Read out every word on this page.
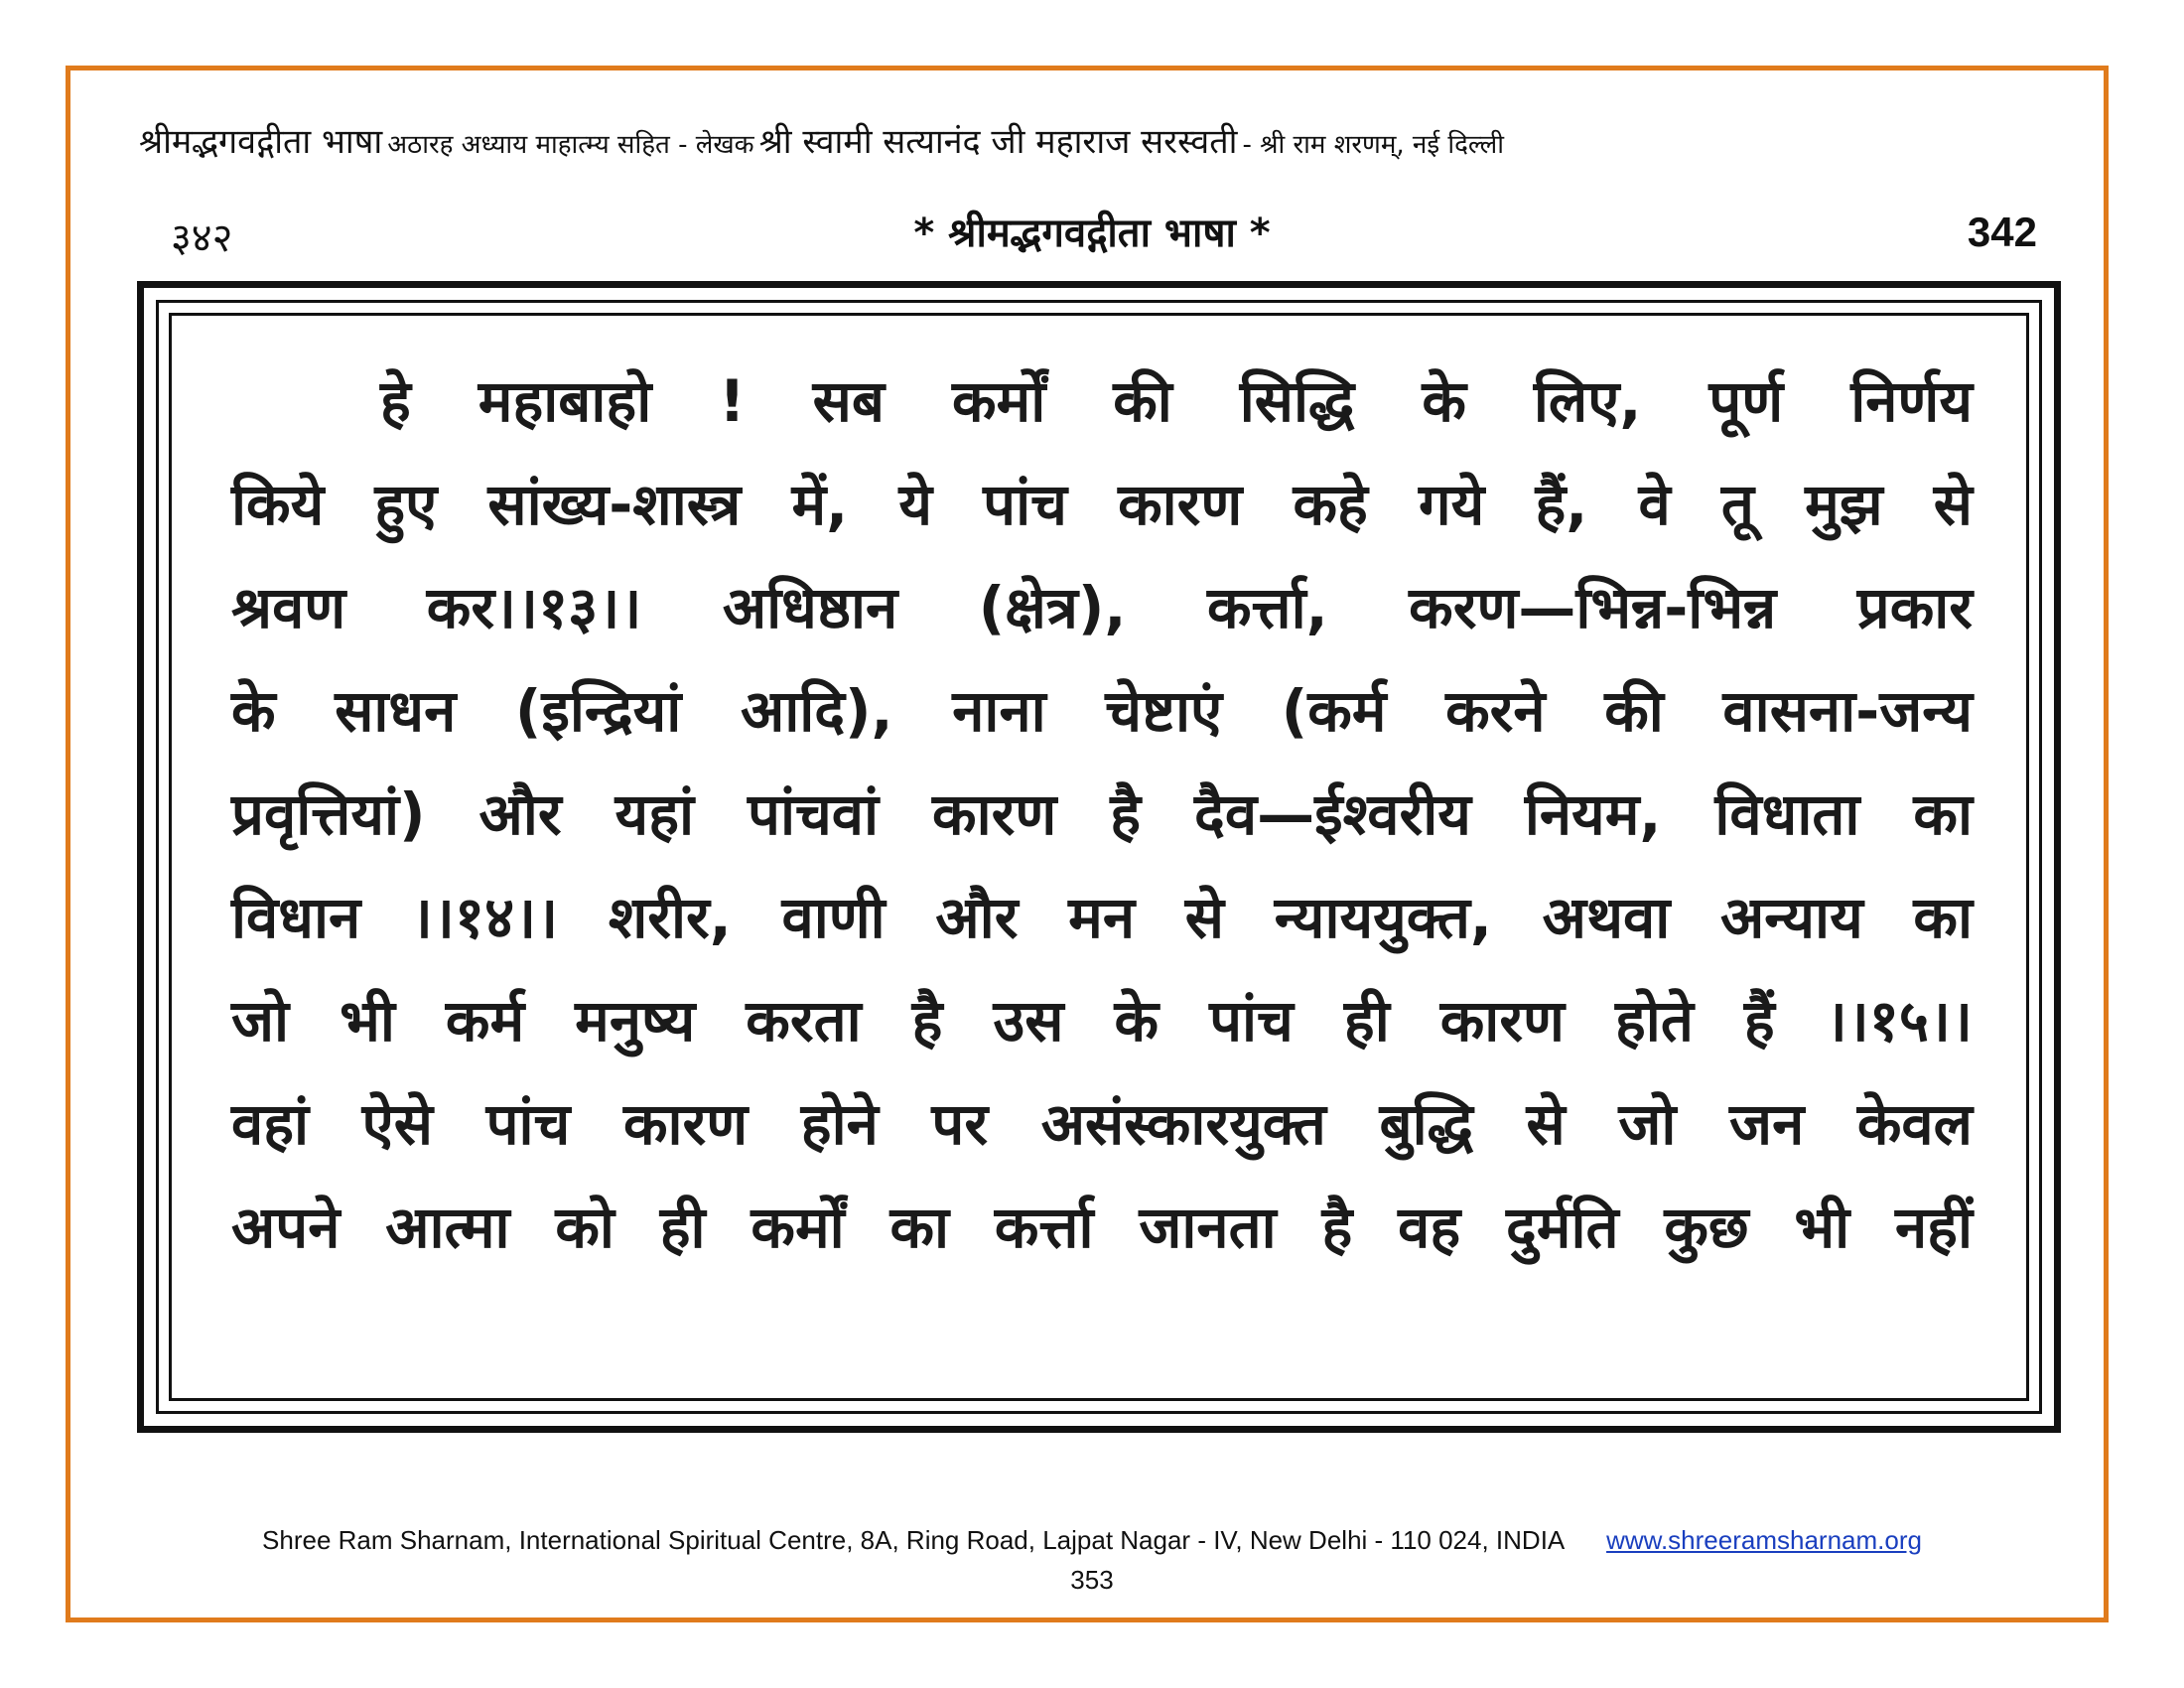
श्रीमद्भगवद्गीता भाषा अठारह अध्याय माहात्म्य सहित - लेखक श्री स्वामी सत्यानंद जी महाराज सरस्वती - श्री राम शरणम्, नई दिल्ली
३४२	* श्रीमद्भगवद्गीता भाषा *	342
हे महाबाहो ! सब कर्मों की सिद्धि के लिए, पूर्ण निर्णय
किये हुए सांख्य-शास्त्र में, ये पांच कारण कहे गये हैं, वे तू मुझ से
श्रवण कर।।१३।। अधिष्ठान (क्षेत्र), कर्त्ता, करण—भिन्न-भिन्न प्रकार
के साधन (इन्द्रियां आदि), नाना चेष्टाएं (कर्म करने की वासना-जन्य
प्रवृत्तियां) और यहां पांचवां कारण है दैव—ईश्वरीय नियम, विधाता का
विधान ।।१४।। शरीर, वाणी और मन से न्याययुक्त, अथवा अन्याय का
जो भी कर्म मनुष्य करता है उस के पांच ही कारण होते हैं ।।१५।।
वहां ऐसे पांच कारण होने पर असंस्कारयुक्त बुद्धि से जो जन केवल
अपने आत्मा को ही कर्मों का कर्त्ता जानता है वह दुर्मति कुछ भी नहीं
Shree Ram Sharnam, International Spiritual Centre, 8A, Ring Road, Lajpat Nagar - IV, New Delhi - 110 024, INDIA www.shreeramsharnam.org
353
